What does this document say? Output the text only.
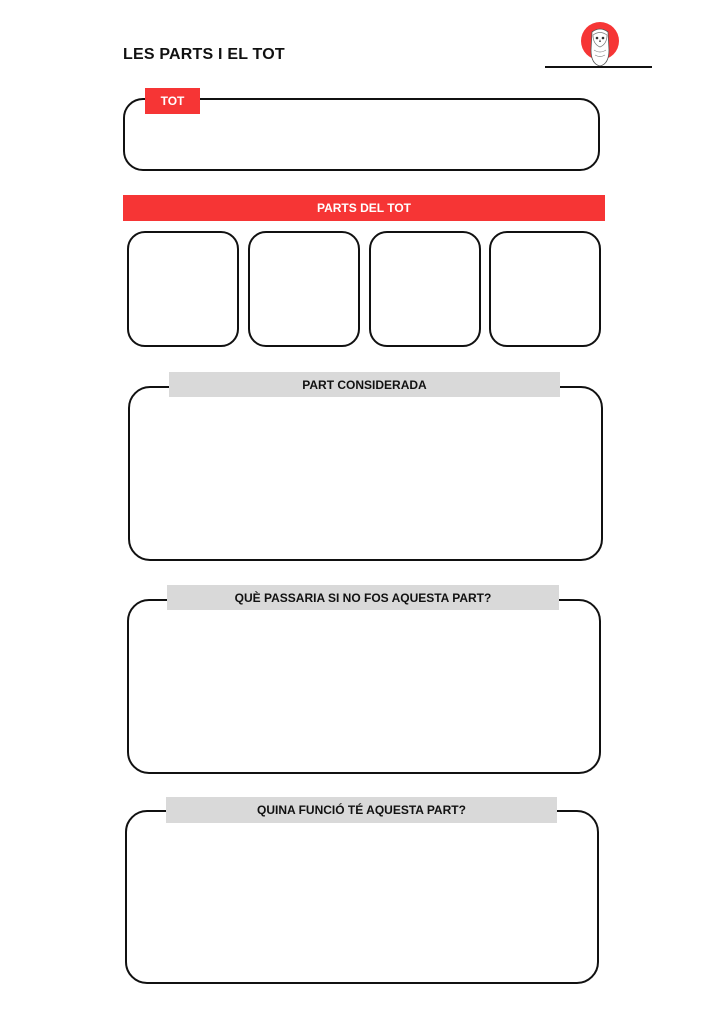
LES PARTS I EL TOT
TOT
PARTS DEL TOT
PART CONSIDERADA
QUÈ PASSARIA SI NO FOS AQUESTA PART?
QUINA FUNCIÓ TÉ AQUESTA PART?
